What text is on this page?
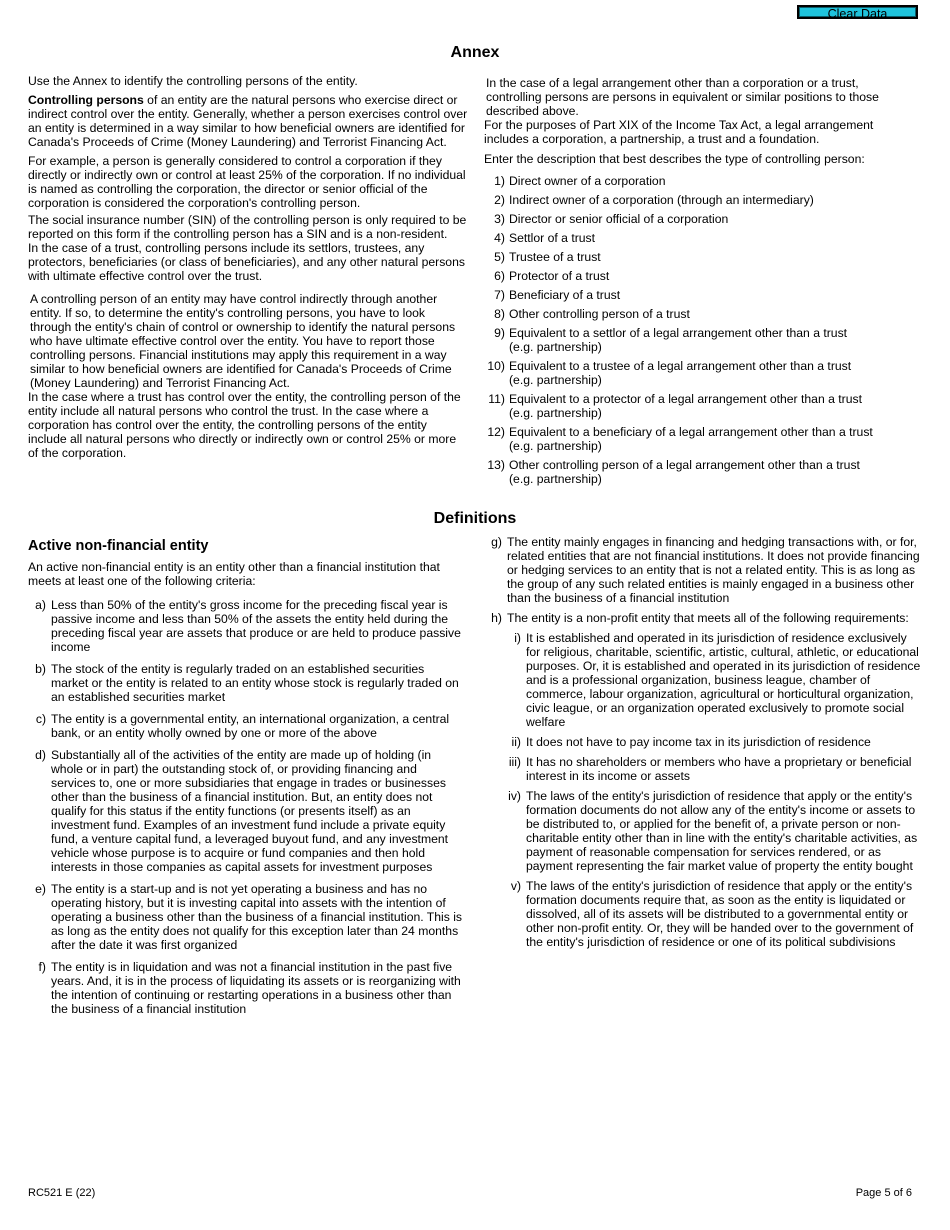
Clear Data
Annex

Use the Annex to identify the controlling persons of the entity.

Controlling persons of an entity are the natural persons who exercise direct or indirect control over the entity. Generally, whether a person exercises control over an entity is determined in a way similar to how beneficial owners are identified for Canada's Proceeds of Crime (Money Laundering) and Terrorist Financing Act.

For example, a person is generally considered to control a corporation if they directly or indirectly own or control at least 25% of the corporation. If no individual is named as controlling the corporation, the director or senior official of the corporation is considered the corporation's controlling person.

The social insurance number (SIN) of the controlling person is only required to be reported on this form if the controlling person has a SIN and is a non-resident.

In the case of a trust, controlling persons include its settlors, trustees, any protectors, beneficiaries (or class of beneficiaries), and any other natural persons with ultimate effective control over the trust.

A controlling person of an entity may have control indirectly through another entity. If so, to determine the entity's controlling persons, you have to look through the entity's chain of control or ownership to identify the natural persons who have ultimate effective control over the entity. You have to report those controlling persons. Financial institutions may apply this requirement in a way similar to how beneficial owners are identified for Canada's Proceeds of Crime (Money Laundering) and Terrorist Financing Act.

In the case where a trust has control over the entity, the controlling person of the entity include all natural persons who control the trust. In the case where a corporation has control over the entity, the controlling persons of the entity include all natural persons who directly or indirectly own or control 25% or more of the corporation.

In the case of a legal arrangement other than a corporation or a trust, controlling persons are persons in equivalent or similar positions to those described above.

For the purposes of Part XIX of the Income Tax Act, a legal arrangement includes a corporation, a partnership, a trust and a foundation.

Enter the description that best describes the type of controlling person:

1) Direct owner of a corporation
2) Indirect owner of a corporation (through an intermediary)
3) Director or senior official of a corporation
4) Settlor of a trust
5) Trustee of a trust
6) Protector of a trust
7) Beneficiary of a trust
8) Other controlling person of a trust
9) Equivalent to a settlor of a legal arrangement other than a trust
(e.g. partnership)
10) Equivalent to a trustee of a legal arrangement other than a trust
(e.g. partnership)
11) Equivalent to a protector of a legal arrangement other than a trust
(e.g. partnership)
12) Equivalent to a beneficiary of a legal arrangement other than a trust
(e.g. partnership)
13) Other controlling person of a legal arrangement other than a trust
(e.g. partnership)
Definitions

Active non-financial entity

An active non-financial entity is an entity other than a financial institution that meets at least one of the following criteria:

a) Less than 50% of the entity's gross income for the preceding fiscal year is passive income and less than 50% of the assets the entity held during the preceding fiscal year are assets that produce or are held to produce passive income
b) The stock of the entity is regularly traded on an established securities market or the entity is related to an entity whose stock is regularly traded on an established securities market
c) The entity is a governmental entity, an international organization, a central bank, or an entity wholly owned by one or more of the above
d) Substantially all of the activities of the entity are made up of holding (in whole or in part) the outstanding stock of, or providing financing and services to, one or more subsidiaries that engage in trades or businesses other than the business of a financial institution. But, an entity does not qualify for this status if the entity functions (or presents itself) as an investment fund. Examples of an investment fund include a private equity fund, a venture capital fund, a leveraged buyout fund, and any investment vehicle whose purpose is to acquire or fund companies and then hold interests in those companies as capital assets for investment purposes
e) The entity is a start-up and is not yet operating a business and has no operating history, but it is investing capital into assets with the intention of operating a business other than the business of a financial institution. This is as long as the entity does not qualify for this exception later than 24 months after the date it was first organized
f) The entity is in liquidation and was not a financial institution in the past five years. And, it is in the process of liquidating its assets or is reorganizing with the intention of continuing or restarting operations in a business other than the business of a financial institution
g) The entity mainly engages in financing and hedging transactions with, or for, related entities that are not financial institutions. It does not provide financing or hedging services to an entity that is not a related entity. This is as long as the group of any such related entities is mainly engaged in a business other than the business of a financial institution
h) The entity is a non-profit entity that meets all of the following requirements:
i) It is established and operated in its jurisdiction of residence exclusively for religious, charitable, scientific, artistic, cultural, athletic, or educational purposes. Or, it is established and operated in its jurisdiction of residence and is a professional organization, business league, chamber of commerce, labour organization, agricultural or horticultural organization, civic league, or an organization operated exclusively to promote social welfare
ii) It does not have to pay income tax in its jurisdiction of residence
iii) It has no shareholders or members who have a proprietary or beneficial interest in its income or assets
iv) The laws of the entity's jurisdiction of residence that apply or the entity's formation documents do not allow any of the entity's income or assets to be distributed to, or applied for the benefit of, a private person or non-charitable entity other than in line with the entity's charitable activities, as payment of reasonable compensation for services rendered, or as payment representing the fair market value of property the entity bought
v) The laws of the entity's jurisdiction of residence that apply or the entity's formation documents require that, as soon as the entity is liquidated or dissolved, all of its assets will be distributed to a governmental entity or other non-profit entity. Or, they will be handed over to the government of the entity's jurisdiction of residence or one of its political subdivisions
RC521 E (22)	Page 5 of 6
